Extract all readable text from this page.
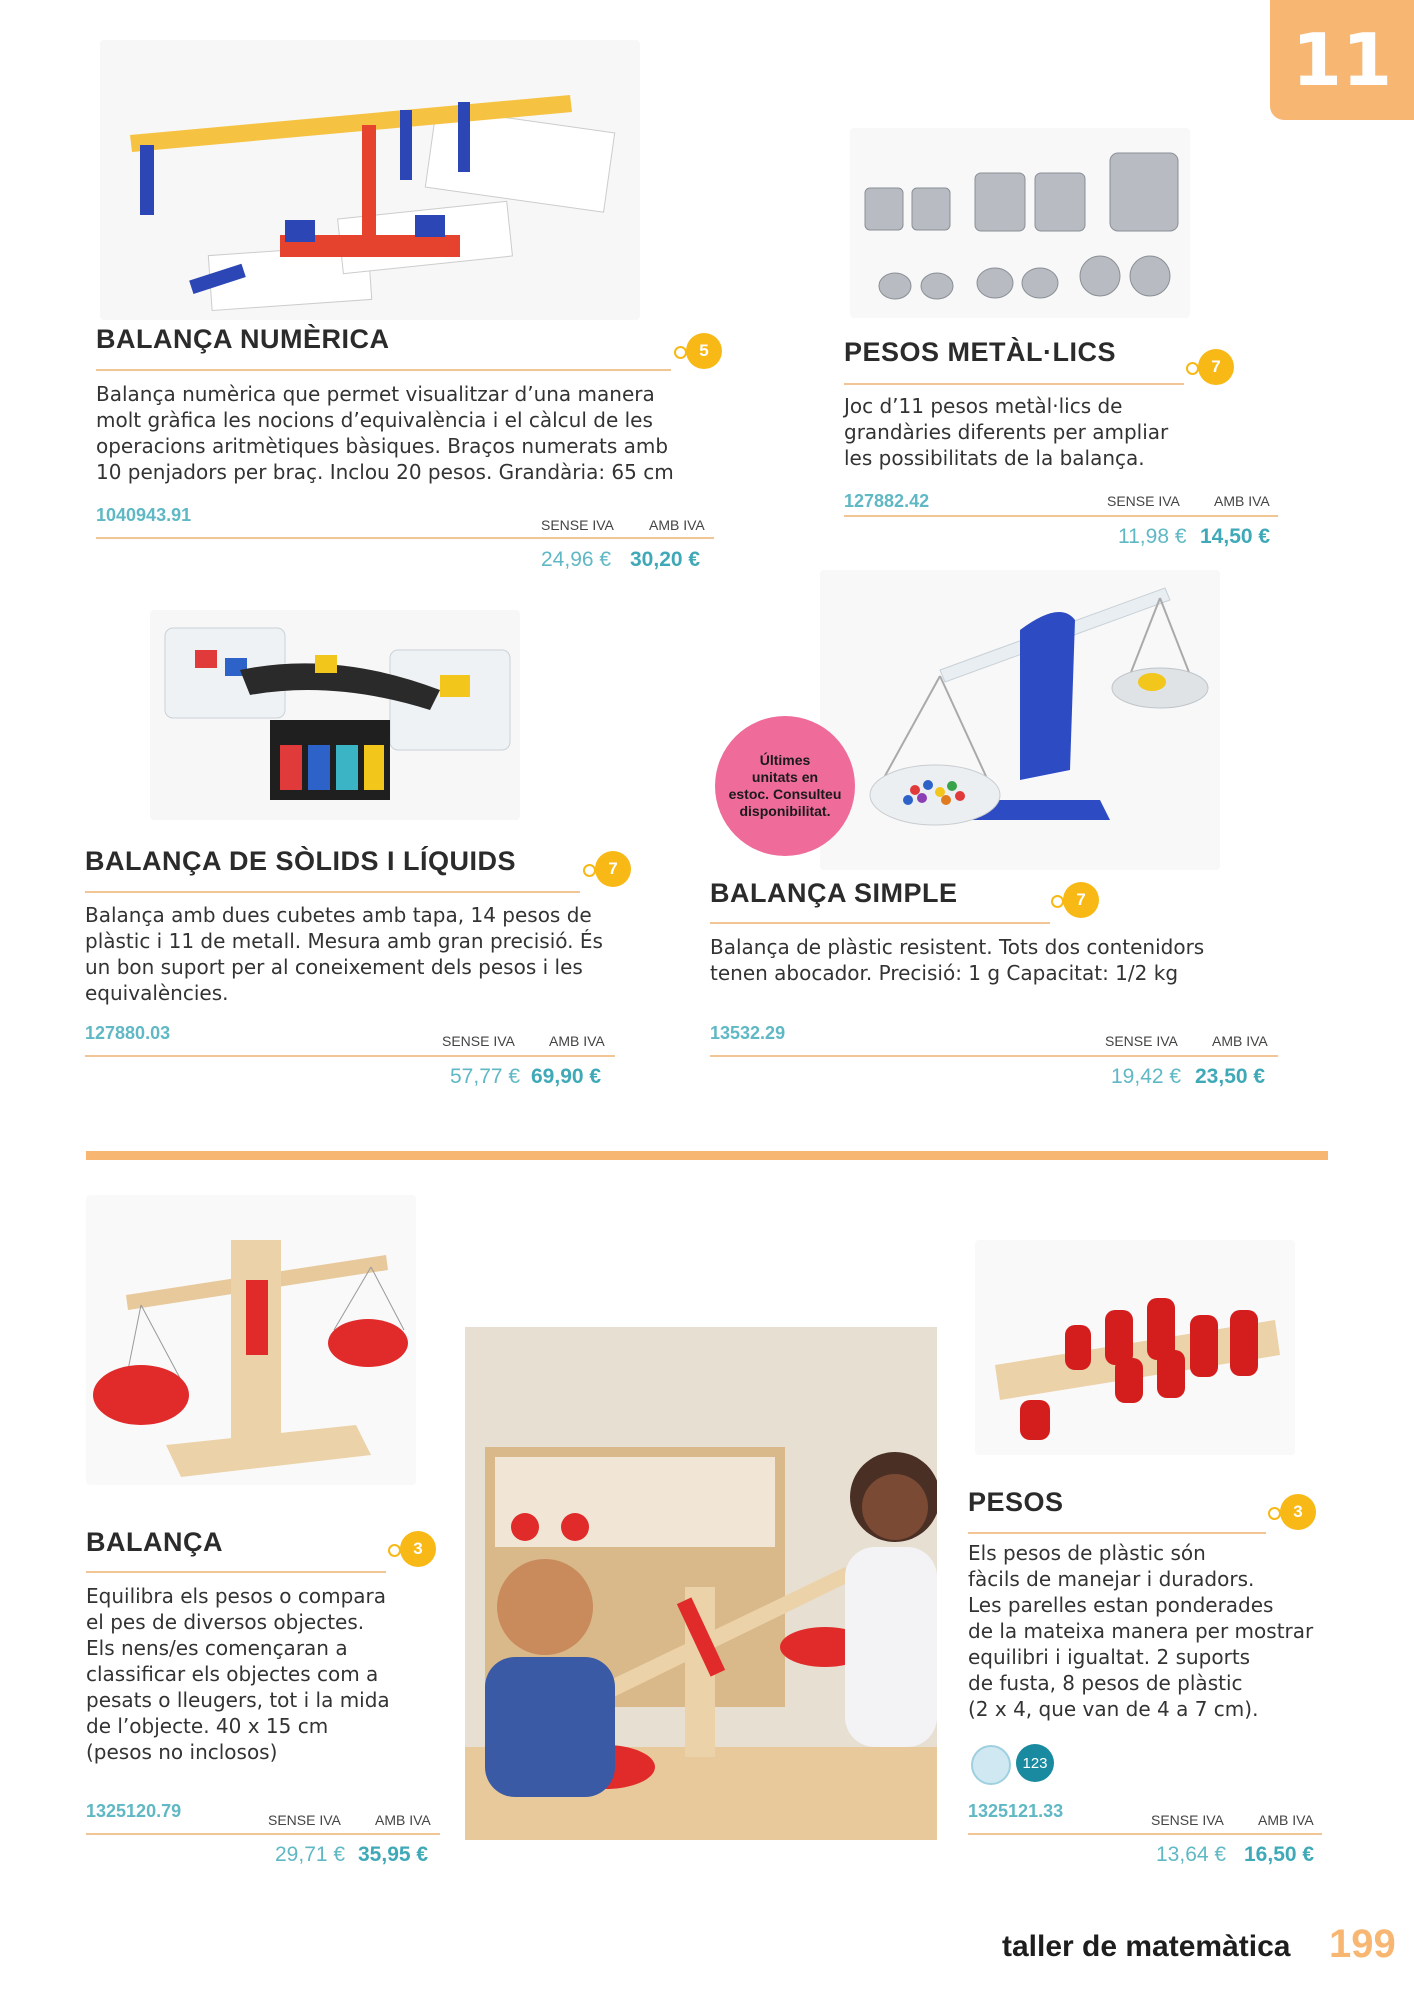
11
BALANÇA NUMÈRICA	5
Balança numèrica que permet visualitzar d’una manera
molt gràfica les nocions d’equivalència i el càlcul de les
operacions aritmètiques bàsiques. Braços numerats amb
10 penjadors per braç. Inclou 20 pesos. Grandària: 65 cm
1040943.91	SENSE IVA	AMB IVA
24,96 € 30,20 €
PESOS METÀL·LICS	7
Joc d’11 pesos metàl·lics de
grandàries diferents per ampliar
les possibilitats de la balança.
127882.42	SENSE IVA AMB IVA
11,98 € 14,50 €
BALANÇA DE SÒLIDS I LÍQUIDS	7
Balança amb dues cubetes amb tapa, 14 pesos de
plàstic i 11 de metall. Mesura amb gran precisió. És
un bon suport per al coneixement dels pesos i les
equivalències.
127880.03	SENSE IVA AMB IVA
57,77 € 69,90 €
Últimes
unitats en
estoc. Consulteu
disponibilitat.
BALANÇA SIMPLE	7
Balança de plàstic resistent. Tots dos contenidors
tenen abocador. Precisió: 1 g Capacitat: 1/2 kg
13532.29	SENSE IVA AMB IVA
19,42 € 23,50 €
BALANÇA	3
Equilibra els pesos o compara
el pes de diversos objectes.
Els nens/es començaran a
classificar els objectes com a
pesats o lleugers, tot i la mida
de l’objecte. 40 x 15 cm
(pesos no inclosos)
1325120.79	SENSE IVA AMB IVA
29,71 € 35,95 €
PESOS	3
Els pesos de plàstic són
fàcils de manejar i duradors.
Les parelles estan ponderades
de la mateixa manera per mostrar
equilibri i igualtat. 2 suports
de fusta, 8 pesos de plàstic
(2 x 4, que van de 4 a 7 cm).
123
1325121.33	SENSE IVA AMB IVA
13,64 € 16,50 €
taller de matemàtica 199
